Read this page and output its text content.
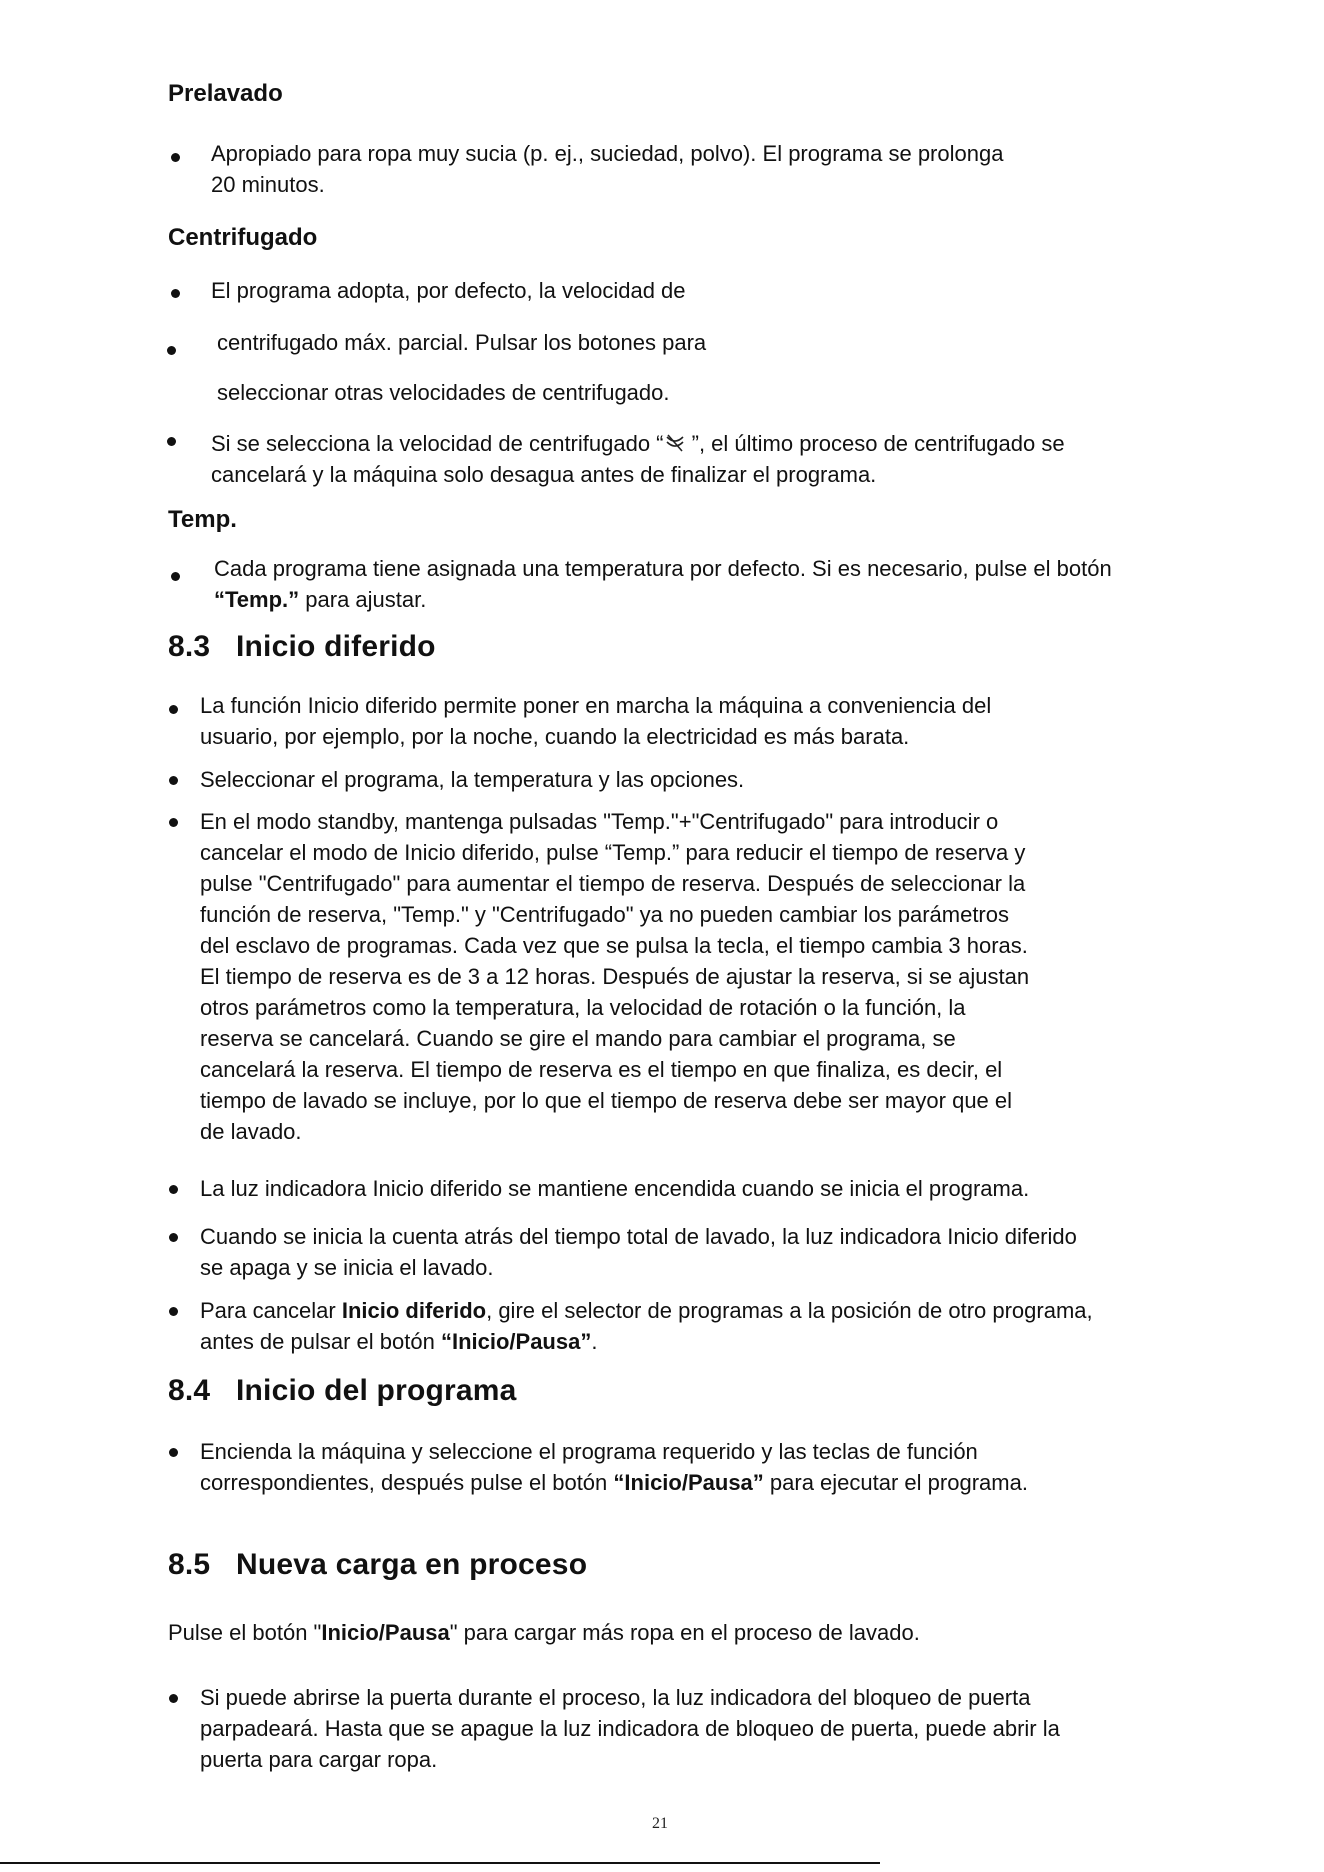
Prelavado
Apropiado para ropa muy sucia (p. ej., suciedad, polvo). El programa se prolonga
20 minutos.
Centrifugado
El programa adopta, por defecto, la velocidad de
centrifugado máx. parcial. Pulsar los botones para
seleccionar otras velocidades de centrifugado.
Si se selecciona la velocidad de centrifugado “ ”, el último proceso de centrifugado se
cancelará y la máquina solo desagua antes de finalizar el programa.
Temp.
Cada programa tiene asignada una temperatura por defecto. Si es necesario, pulse el botón
“Temp.” para ajustar.
8.3 Inicio diferido
La función Inicio diferido permite poner en marcha la máquina a conveniencia del
usuario, por ejemplo, por la noche, cuando la electricidad es más barata.
Seleccionar el programa, la temperatura y las opciones.
En el modo standby, mantenga pulsadas "Temp."+"Centrifugado" para introducir o
cancelar el modo de Inicio diferido, pulse “Temp.” para reducir el tiempo de reserva y
pulse "Centrifugado" para aumentar el tiempo de reserva. Después de seleccionar la
función de reserva, "Temp." y "Centrifugado" ya no pueden cambiar los parámetros
del esclavo de programas. Cada vez que se pulsa la tecla, el tiempo cambia 3 horas.
El tiempo de reserva es de 3 a 12 horas. Después de ajustar la reserva, si se ajustan
otros parámetros como la temperatura, la velocidad de rotación o la función, la
reserva se cancelará. Cuando se gire el mando para cambiar el programa, se
cancelará la reserva. El tiempo de reserva es el tiempo en que finaliza, es decir, el
tiempo de lavado se incluye, por lo que el tiempo de reserva debe ser mayor que el
de lavado.
La luz indicadora Inicio diferido se mantiene encendida cuando se inicia el programa.
Cuando se inicia la cuenta atrás del tiempo total de lavado, la luz indicadora Inicio diferido
se apaga y se inicia el lavado.
Para cancelar Inicio diferido, gire el selector de programas a la posición de otro programa,
antes de pulsar el botón “Inicio/Pausa”.
8.4 Inicio del programa
Encienda la máquina y seleccione el programa requerido y las teclas de función
correspondientes, después pulse el botón “Inicio/Pausa” para ejecutar el programa.
8.5 Nueva carga en proceso
Pulse el botón "Inicio/Pausa" para cargar más ropa en el proceso de lavado.
Si puede abrirse la puerta durante el proceso, la luz indicadora del bloqueo de puerta
parpadeará. Hasta que se apague la luz indicadora de bloqueo de puerta, puede abrir la
puerta para cargar ropa.
21
